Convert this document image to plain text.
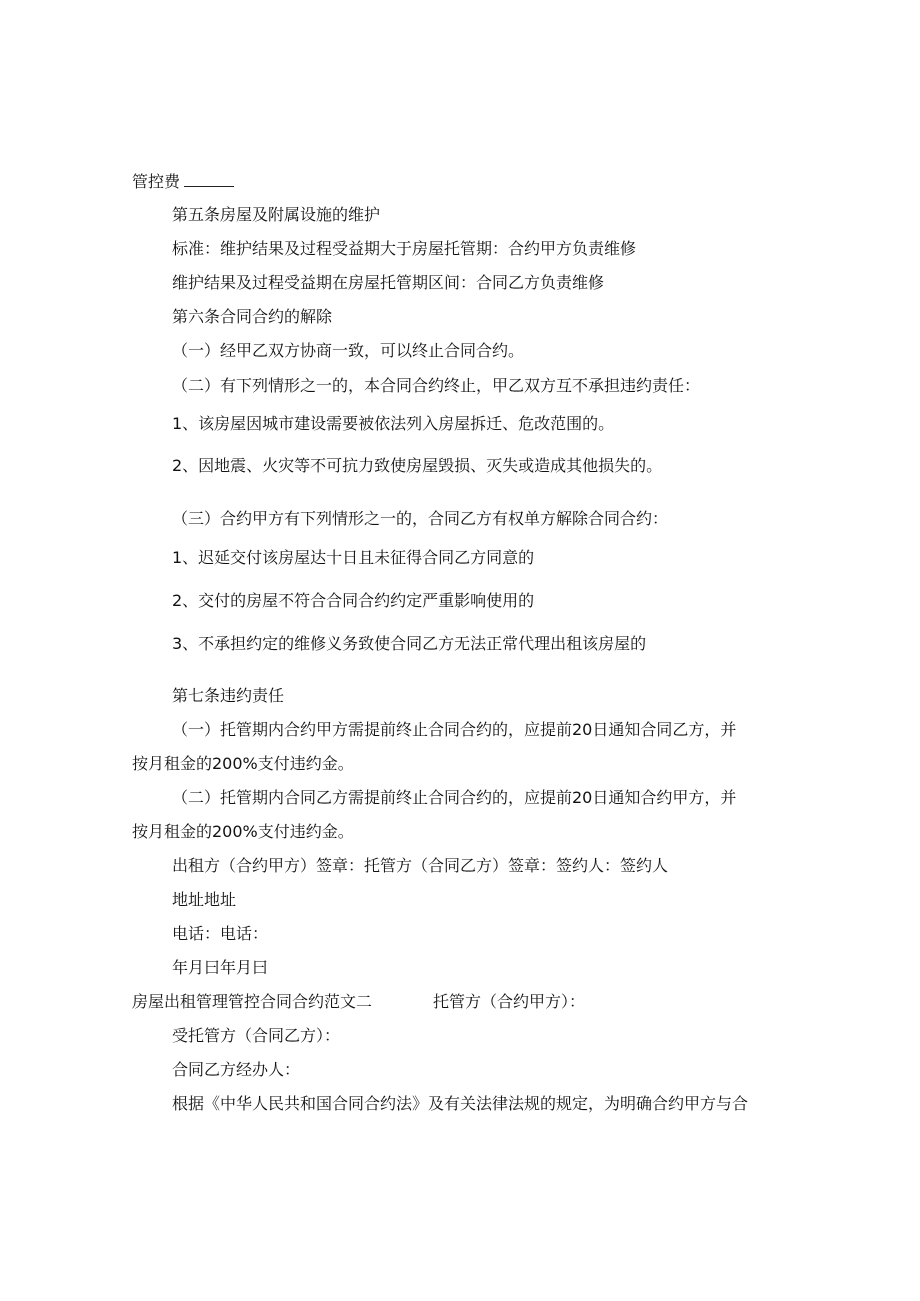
管控费
第五条房屋及附属设施的维护
标准：维护结果及过程受益期大于房屋托管期：合约甲方负责维修
维护结果及过程受益期在房屋托管期区间：合同乙方负责维修
第六条合同合约的解除
（一）经甲乙双方协商一致，可以终止合同合约。
（二）有下列情形之一的，本合同合约终止，甲乙双方互不承担违约责任：
1、该房屋因城市建设需要被依法列入房屋拆迁、危改范围的。
2、因地震、火灾等不可抗力致使房屋毁损、灭失或造成其他损失的。
（三）合约甲方有下列情形之一的，合同乙方有权单方解除合同合约：
1、迟延交付该房屋达十日且未征得合同乙方同意的
2、交付的房屋不符合合同合约约定严重影响使用的
3、不承担约定的维修义务致使合同乙方无法正常代理出租该房屋的
第七条违约责任
（一）托管期内合约甲方需提前终止合同合约的，应提前20日通知合同乙方，并
按月租金的200%支付违约金。
（二）托管期内合同乙方需提前终止合同合约的，应提前20日通知合约甲方，并
按月租金的200%支付违约金。
出租方（合约甲方）签章：托管方（合同乙方）签章：签约人：签约人
地址地址
电话：电话：
年月曰年月曰
房屋出租管理管控合同合约范文二	托管方（合约甲方）：
受托管方（合同乙方）：
合同乙方经办人：
根据《中华人民共和国合同合约法》及有关法律法规的规定，为明确合约甲方与合
